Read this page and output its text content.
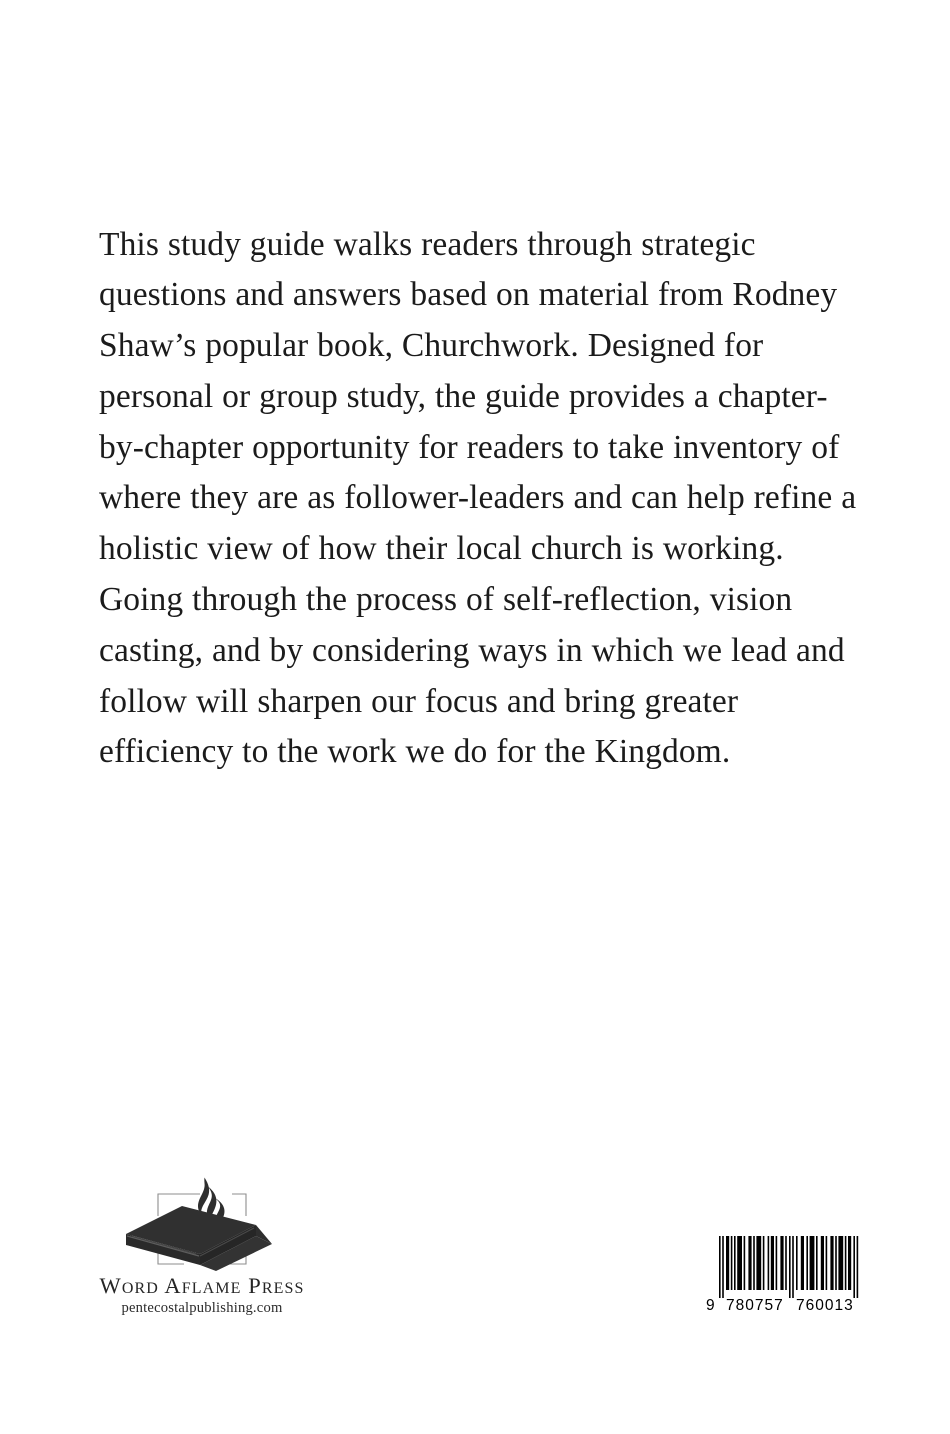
This study guide walks readers through strategic questions and answers based on material from Rodney Shaw’s popular book, Churchwork. Designed for personal or group study, the guide provides a chapter-by-chapter opportunity for readers to take inventory of where they are as follower-leaders and can help refine a holistic view of how their local church is working. Going through the process of self-reflection, vision casting, and by considering ways in which we lead and follow will sharpen our focus and bring greater efficiency to the work we do for the Kingdom.

Word Aflame Press
pentecostalpublishing.com	9 780757 760013
